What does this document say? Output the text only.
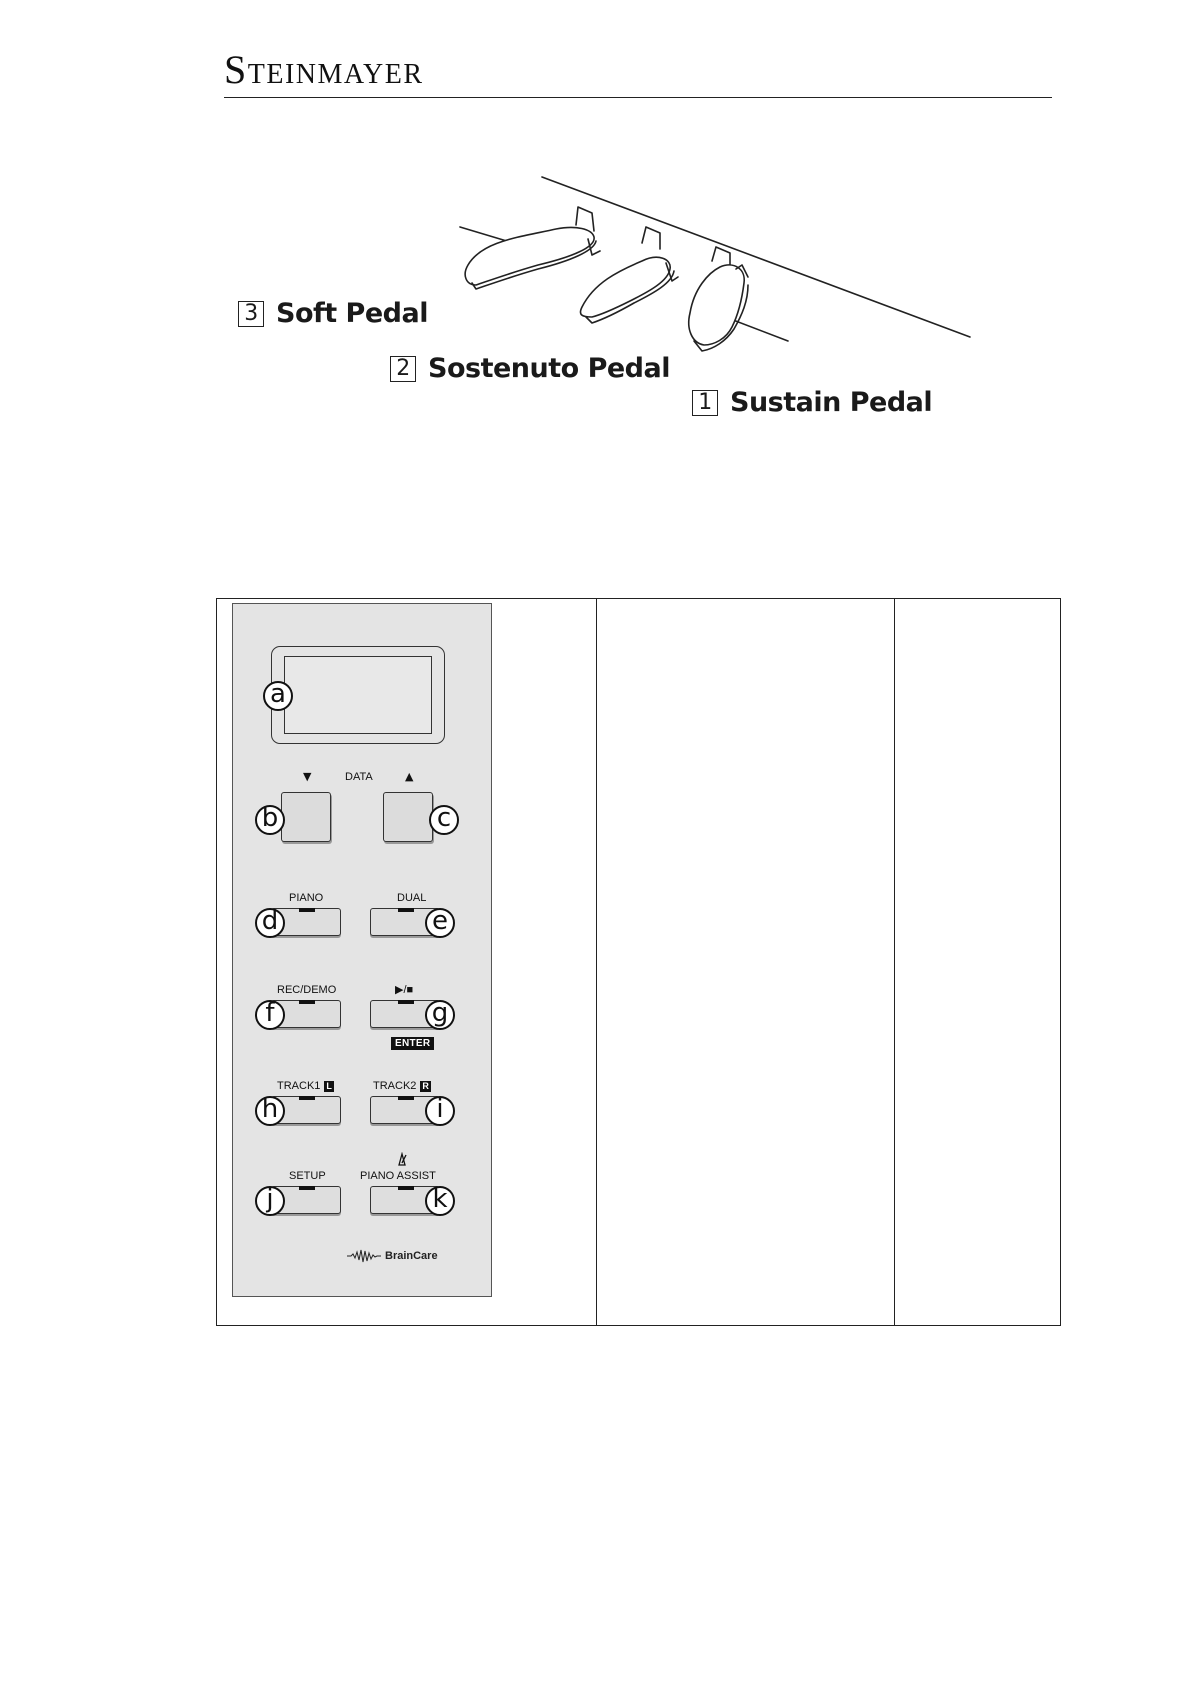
Steinmayer
3 Soft Pedal
2 Sostenuto Pedal
1 Sustain Pedal
a
▼	DATA	▲
b	c
PIANO
d
DUAL
e
REC/DEMO
f
▶/■
g
ENTER
TRACK1 L
h
TRACK2 R
i
SETUP
j
PIANO ASSIST
k
BrainCare
